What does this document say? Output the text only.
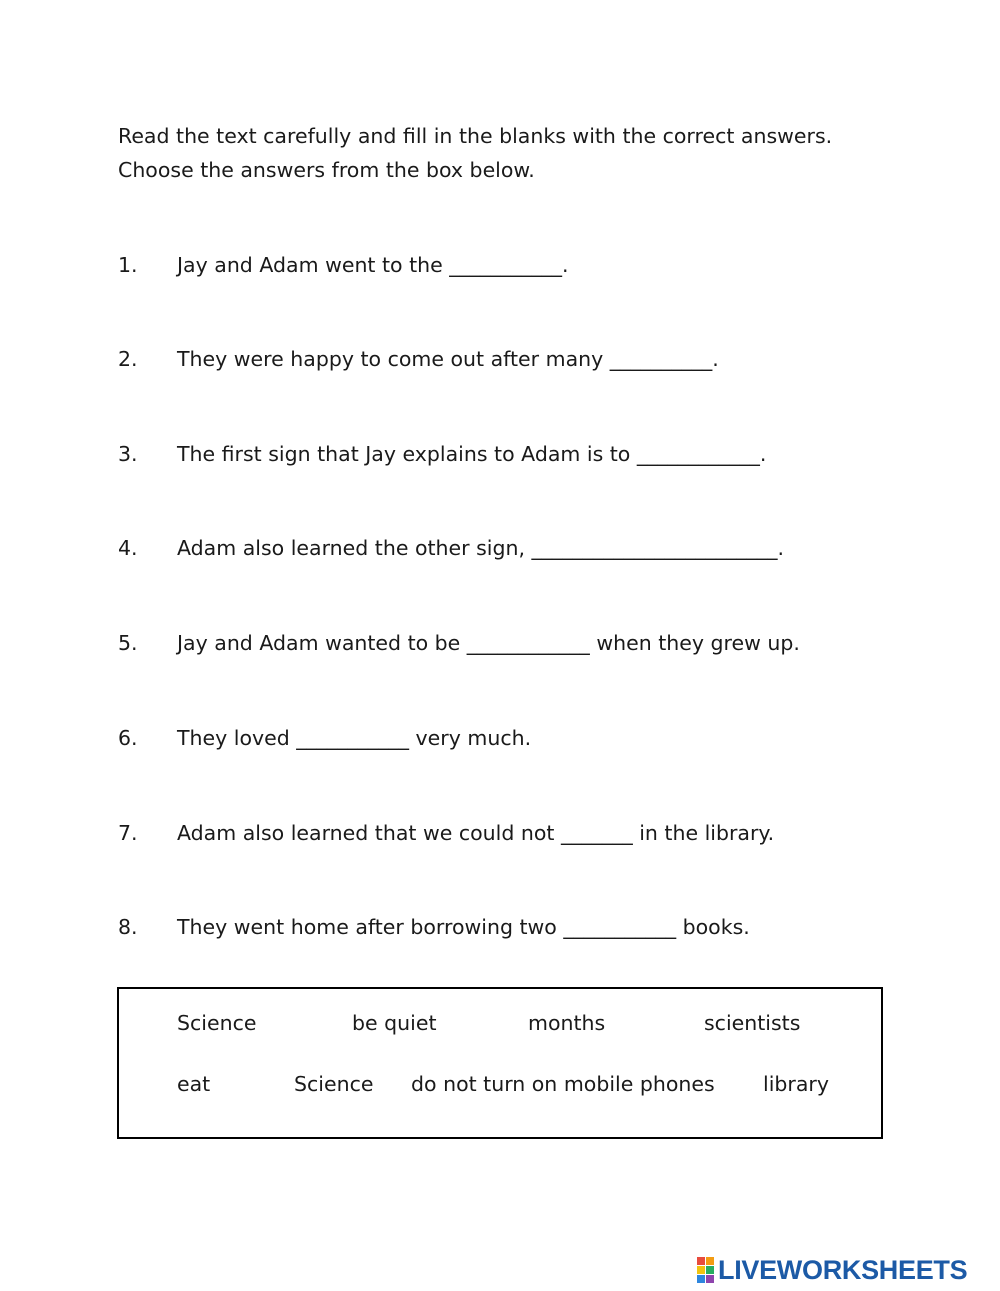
Read the text carefully and fill in the blanks with the correct answers.
Choose the answers from the box below.
1. Jay and Adam went to the ___________.
2. They were happy to come out after many __________.
3. The first sign that Jay explains to Adam is to ____________.
4. Adam also learned the other sign, ________________________.
5. Jay and Adam wanted to be ____________ when they grew up.
6. They loved ___________ very much.
7. Adam also learned that we could not _______ in the library.
8. They went home after borrowing two ___________ books.
Science	be quiet	months	scientists
eat	Science do not turn on mobile phones library
LIVEWORKSHEETS
